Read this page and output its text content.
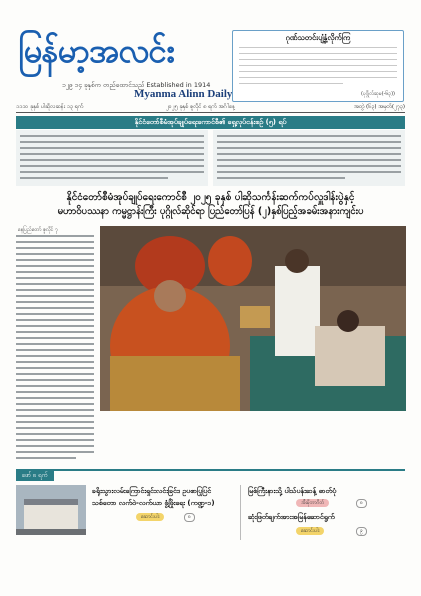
မြန်မာ့အလင်း
၁၂၉ ၁၄ ခုနှစ်က တည်ထောင်သည် Established in 1914
Myanma Alinn Daily
ဂုဏ်သတင်းပျံ့နှံ့လိုက်ကြ
(ပုဂ္ဂိုလ်ဆုမ(-၆၃))
၁၁၁၀ ခုနှစ် ပါဆိုလဆန်း ၁၃ ရက်	၂၀၂၅ ခုနှစ် ဇူလိုင် ၈ ရက် အင်္ဂါနေ့	အတွဲ (၆၃) အမှတ်(၂၇၃)
နိုင်ငံတော်စီမံအုပ်ချုပ်ရေးကောင်စီ၏ ရှေ့လုပ်ငန်းစဉ် (၅) ရပ်
နိုင်ငံတော်စီမံအုပ်ချုပ်ရေးကောင်စီ ၂၀၂၅ ခုနှစ် ပါဆိုသင်္ကန်းဆက်ကပ်လှူဒါန်းပွဲနှင့်
မဟာဝိပဿနာ ကမ္မဋ္ဌာန်းကြီး ပုဂ္ဂိုလ်ဆိုင်ရာ ပြည်တော်ပြန် (၂)နှစ်ပြည့်အခမ်းအနားကျင်းပ
နေပြည်တော် ဇူလိုင် ၇
ဖော် ၈ ရက်
ခရိုးသွားလမ်းကြောင်းရှင်းလင်းခြင်း၊ ဥပစာပြုပြင်
သစ်တော လက်ဝဲ-လက်ယာ ဖွံ့ဖြိုးရေး (ကဏ္ဍ-၁)
ဆောင်းပါး	၈
မြစ်ကြီးနားသို့ ပါသ်ပန်းဆန့် ဓာတ်ပုံ
အီးမိုဘာဂိတ်	၈
ဆုံးဖြတ်ချက်အားအမြန်ဆောင်ရွက်
ဆောင်းပါး	၉
